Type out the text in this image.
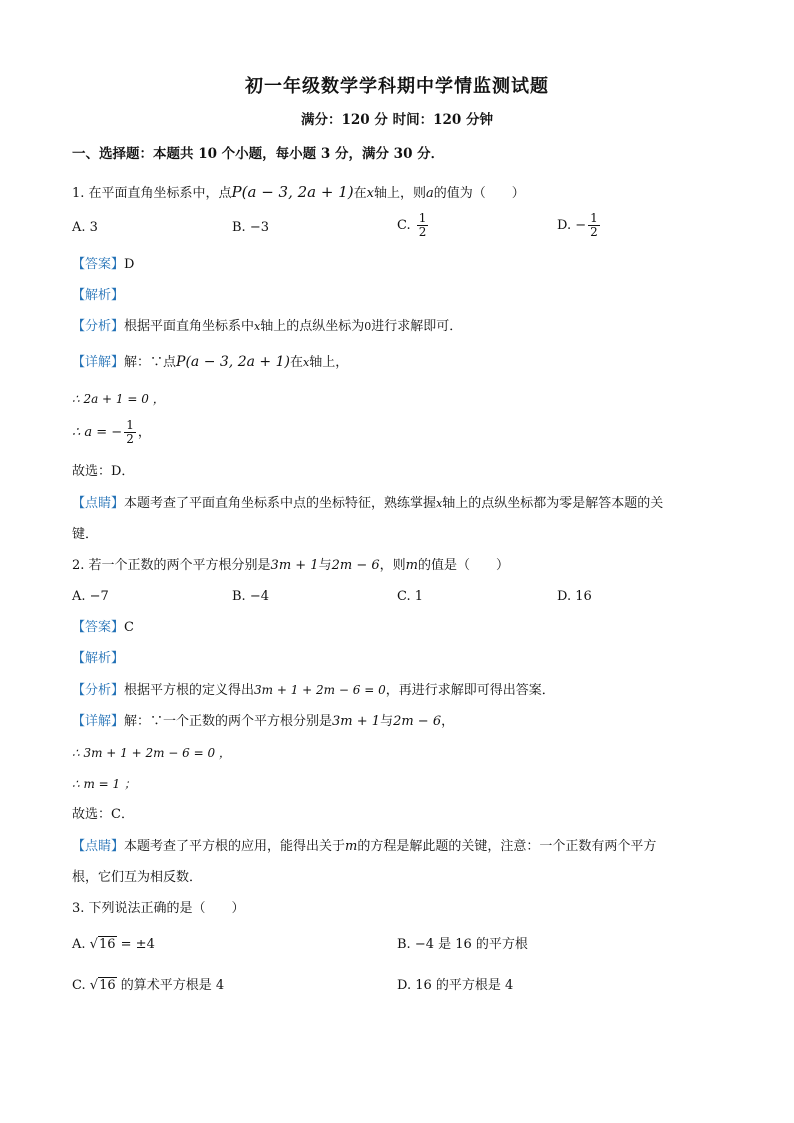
初一年级数学学科期中学情监测试题
满分：120 分 时间：120 分钟
一、选择题：本题共 10 个小题，每小题 3 分，满分 30 分．
1. 在平面直角坐标系中，点P(a − 3, 2a + 1)在x轴上，则a的值为（　　）
A. 3	B. −3	C. $\frac{1}{2}$	D. − $\frac{1}{2}$
【答案】D
【解析】
【分析】根据平面直角坐标系中x轴上的点纵坐标为0进行求解即可．
【详解】解：∵点P(a − 3, 2a + 1)在x轴上，
∴ 2a + 1 = 0 ，
∴ a = − $\frac{1}{2}$ ，
故选：D．
【点睛】本题考查了平面直角坐标系中点的坐标特征，熟练掌握x轴上的点纵坐标都为零是解答本题的关
键．
2. 若一个正数的两个平方根分别是3m + 1与2m − 6，则m的值是（　　）
A. −7	B. −4	C. 1	D. 16
【答案】C
【解析】
【分析】根据平方根的定义得出3m + 1 + 2m − 6 = 0，再进行求解即可得出答案．
【详解】解：∵一个正数的两个平方根分别是3m + 1与2m − 6，
∴ 3m + 1 + 2m − 6 = 0 ，
∴ m = 1 ；
故选：C．
【点睛】本题考查了平方根的应用，能得出关于m的方程是解此题的关键，注意：一个正数有两个平方
根，它们互为相反数．
3. 下列说法正确的是（　　）
A. √16 = ±4	B. −4 是 16 的平方根
C. √16 的算术平方根是 4	D. 16 的平方根是 4
